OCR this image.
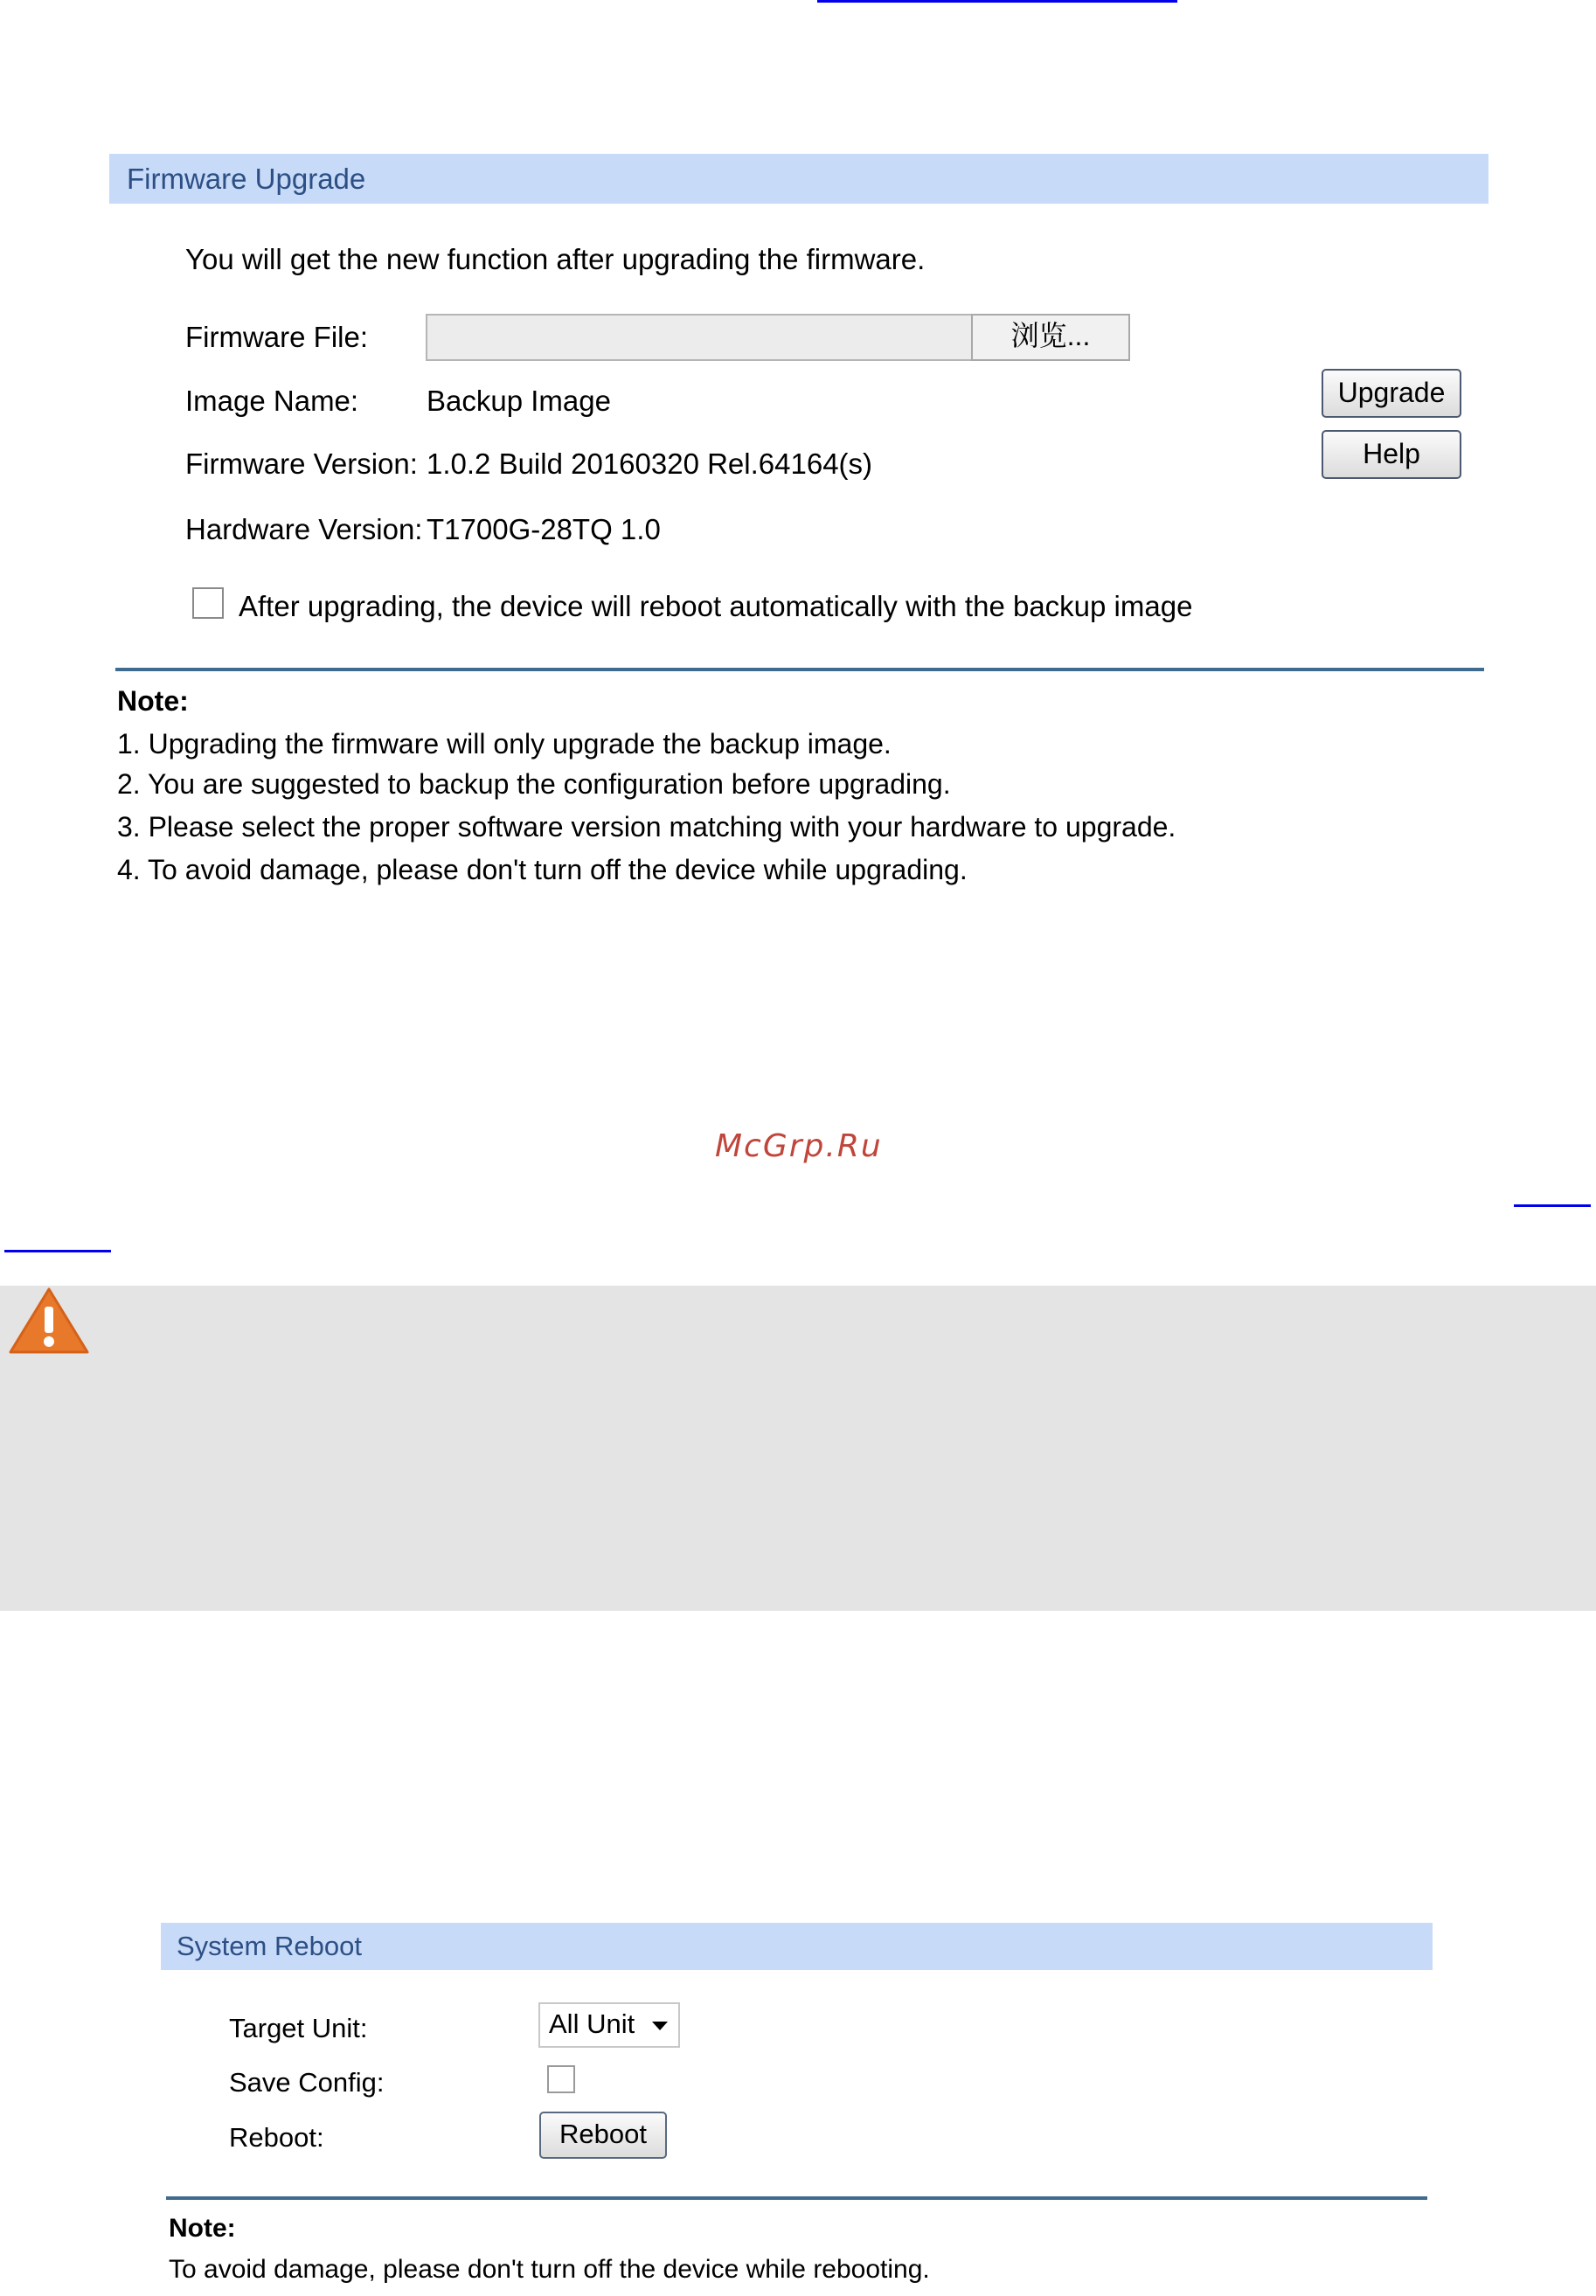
Firmware Upgrade
You will get the new function after upgrading the firmware.
Firmware File:	浏览...
Image Name: Backup Image
Firmware Version: 1.0.2 Build 20160320 Rel.64164(s)
Hardware Version: T1700G-28TQ 1.0
Upgrade
Help
After upgrading, the device will reboot automatically with the backup image
Note:
1. Upgrading the firmware will only upgrade the backup image.
2. You are suggested to backup the configuration before upgrading.
3. Please select the proper software version matching with your hardware to upgrade.
4. To avoid damage, please don't turn off the device while upgrading.
McGrp.Ru
System Reboot
Target Unit:	All Unit
Save Config:
Reboot:	Reboot
Note:
To avoid damage, please don't turn off the device while rebooting.
